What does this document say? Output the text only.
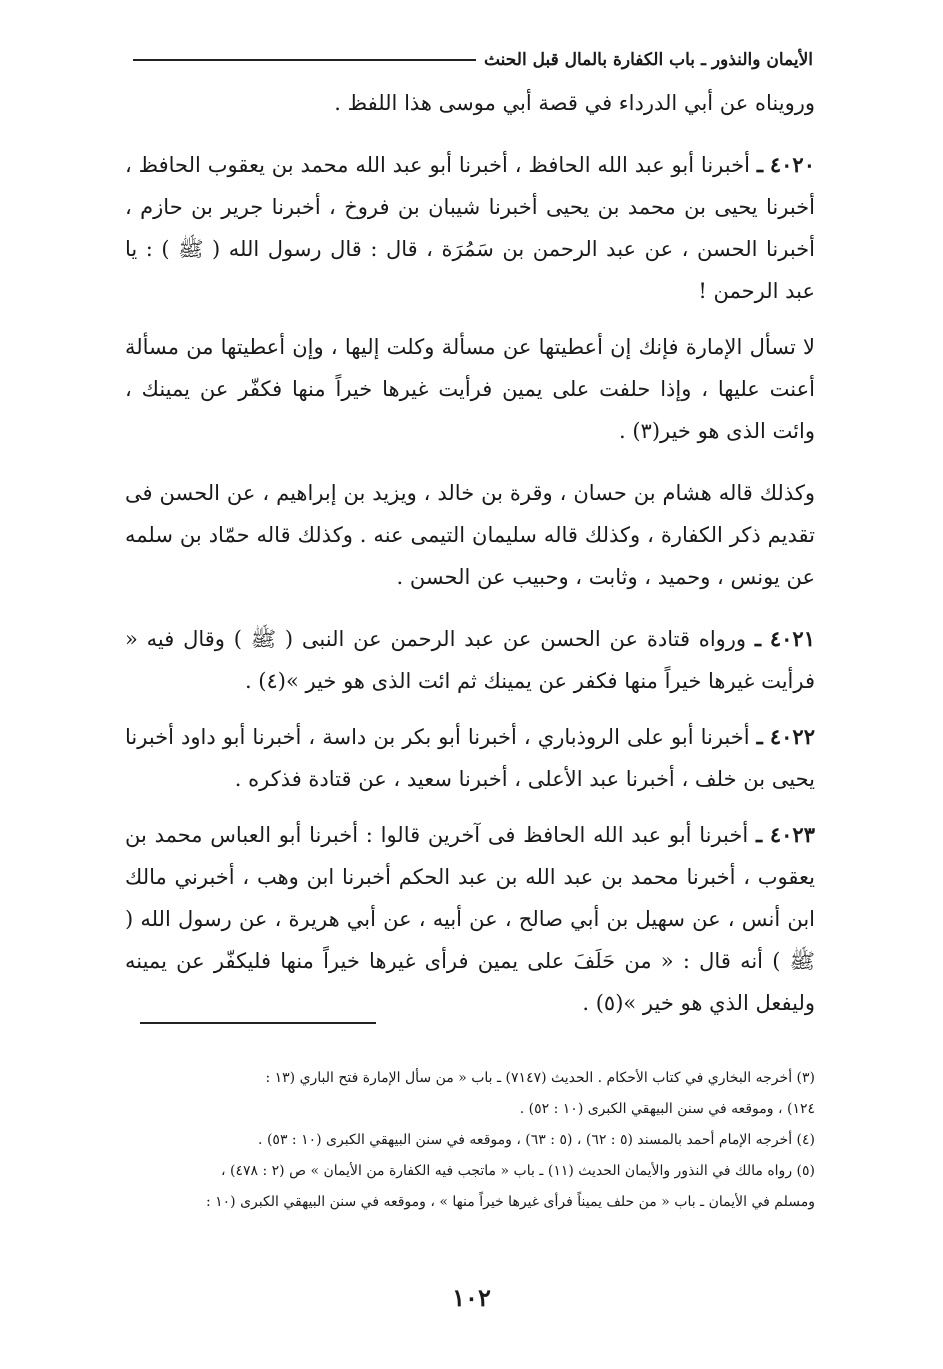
الأيمان والنذور ـ باب الكفارة بالمال قبل الحنث

ورويناه عن أبي الدرداء في قصة أبي موسى هذا اللفظ .

٤٠٢٠ ـ أخبرنا أبو عبد الله الحافظ ، أخبرنا أبو عبد الله محمد بن يعقوب الحافظ ، أخبرنا يحيى بن محمد بن يحيى أخبرنا شيبان بن فروخ ، أخبرنا جرير بن حازم ، أخبرنا الحسن ، عن عبد الرحمن بن سَمُرَة ، قال : قال رسول الله ( ﷺ ) : يا عبد الرحمن !

لا تسأل الإمارة فإنك إن أعطيتها عن مسألة وكلت إليها ، وإن أعطيتها من مسألة أعنت عليها ، وإذا حلفت على يمين فرأيت غيرها خيراً منها فكفّر عن يمينك ، وائت الذى هو خير(٣) .

وكذلك قاله هشام بن حسان ، وقرة بن خالد ، ويزيد بن إبراهيم ، عن الحسن فى تقديم ذكر الكفارة ، وكذلك قاله سليمان التيمى عنه . وكذلك قاله حمّاد بن سلمه عن يونس ، وحميد ، وثابت ، وحبيب عن الحسن .

٤٠٢١ ـ ورواه قتادة عن الحسن عن عبد الرحمن عن النبى ( ﷺ ) وقال فيه « فرأيت غيرها خيراً منها فكفر عن يمينك ثم ائت الذى هو خير »(٤) .

٤٠٢٢ ـ أخبرنا أبو على الروذباري ، أخبرنا أبو بكر بن داسة ، أخبرنا أبو داود أخبرنا يحيى بن خلف ، أخبرنا عبد الأعلى ، أخبرنا سعيد ، عن قتادة فذكره .

٤٠٢٣ ـ أخبرنا أبو عبد الله الحافظ فى آخرين قالوا : أخبرنا أبو العباس محمد بن يعقوب ، أخبرنا محمد بن عبد الله بن عبد الحكم أخبرنا ابن وهب ، أخبرني مالك ابن أنس ، عن سهيل بن أبي صالح ، عن أبيه ، عن أبي هريرة ، عن رسول الله ( ﷺ ) أنه قال : « من حَلَفَ على يمين فرأى غيرها خيراً منها فليكفّر عن يمينه وليفعل الذي هو خير »(٥) .

(٣) أخرجه البخاري في كتاب الأحكام . الحديث (٧١٤٧) ـ باب « من سأل الإمارة فتح الباري (١٣ :
١٢٤) ، وموقعه في سنن البيهقي الكبرى (١٠ : ٥٢) .
(٤) أخرجه الإمام أحمد بالمسند (٥ : ٦٢) ، (٥ : ٦٣) ، وموقعه في سنن البيهقي الكبرى (١٠ : ٥٣) .
(٥) رواه مالك في النذور والأيمان الحديث (١١) ـ باب « ماتجب فيه الكفارة من الأيمان » ص (٢ : ٤٧٨) ،
ومسلم في الأيمان ـ باب « من حلف يميناً فرأى غيرها خيراً منها » ، وموقعه في سنن البيهقي الكبرى (١٠ :
١٠٢
